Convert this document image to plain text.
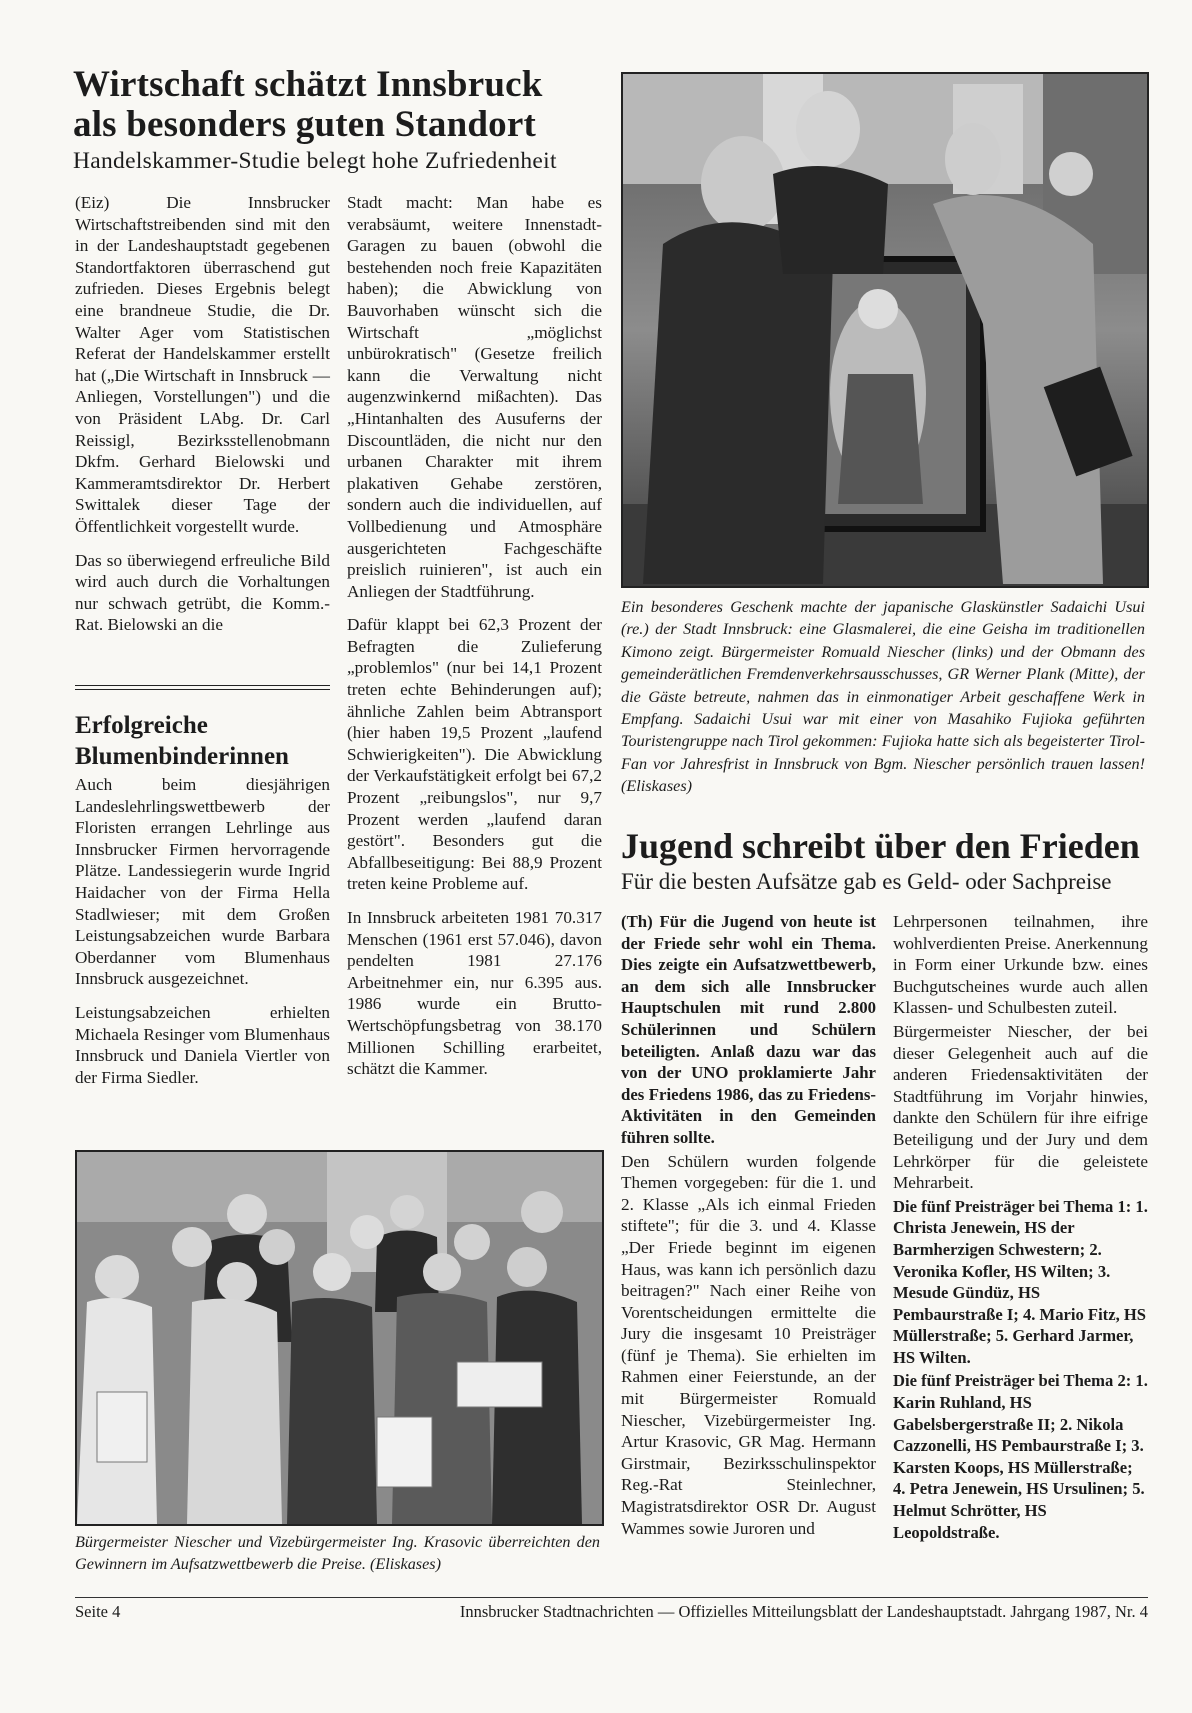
Wirtschaft schätzt Innsbruck
als besonders guten Standort

Handelskammer-Studie belegt hohe Zufriedenheit

(Eiz) Die Innsbrucker Wirtschaftstreibenden sind mit den in der Landeshauptstadt gegebenen Standortfaktoren überraschend gut zufrieden. Dieses Ergebnis belegt eine brandneue Studie, die Dr. Walter Ager vom Statistischen Referat der Handelskammer erstellt hat („Die Wirtschaft in Innsbruck — Anliegen, Vorstellungen") und die von Präsident LAbg. Dr. Carl Reissigl, Bezirksstellenobmann Dkfm. Gerhard Bielowski und Kammeramtsdirektor Dr. Herbert Swittalek dieser Tage der Öffentlichkeit vorgestellt wurde.

Das so überwiegend erfreuliche Bild wird auch durch die Vorhaltungen nur schwach getrübt, die Komm.-Rat. Bielowski an die

Erfolgreiche
Blumenbinderinnen

Auch beim diesjährigen Landeslehrlingswettbewerb der Floristen errangen Lehrlinge aus Innsbrucker Firmen hervorragende Plätze. Landessiegerin wurde Ingrid Haidacher von der Firma Hella Stadlwieser; mit dem Großen Leistungsabzeichen wurde Barbara Oberdanner vom Blumenhaus Innsbruck ausgezeichnet.

Leistungsabzeichen erhielten Michaela Resinger vom Blumenhaus Innsbruck und Daniela Viertler von der Firma Siedler.

Stadt macht: Man habe es verabsäumt, weitere Innenstadt-Garagen zu bauen (obwohl die bestehenden noch freie Kapazitäten haben); die Abwicklung von Bauvorhaben wünscht sich die Wirtschaft „möglichst unbürokratisch" (Gesetze freilich kann die Verwaltung nicht augenzwinkernd mißachten). Das „Hintanhalten des Ausuferns der Discountläden, die nicht nur den urbanen Charakter mit ihrem plakativen Gehabe zerstören, sondern auch die individuellen, auf Vollbedienung und Atmosphäre ausgerichteten Fachgeschäfte preislich ruinieren", ist auch ein Anliegen der Stadtführung.

Dafür klappt bei 62,3 Prozent der Befragten die Zulieferung „problemlos" (nur bei 14,1 Prozent treten echte Behinderungen auf); ähnliche Zahlen beim Abtransport (hier haben 19,5 Prozent „laufend Schwierigkeiten"). Die Abwicklung der Verkaufstätigkeit erfolgt bei 67,2 Prozent „reibungslos", nur 9,7 Prozent werden „laufend daran gestört". Besonders gut die Abfallbeseitigung: Bei 88,9 Prozent treten keine Probleme auf.

In Innsbruck arbeiteten 1981 70.317 Menschen (1961 erst 57.046), davon pendelten 1981 27.176 Arbeitnehmer ein, nur 6.395 aus. 1986 wurde ein Brutto-Wertschöpfungsbetrag von 38.170 Millionen Schilling erarbeitet, schätzt die Kammer.

Ein besonderes Geschenk machte der japanische Glaskünstler Sadaichi Usui (re.) der Stadt Innsbruck: eine Glasmalerei, die eine Geisha im traditionellen Kimono zeigt. Bürgermeister Romuald Niescher (links) und der Obmann des gemeinderätlichen Fremdenverkehrsausschusses, GR Werner Plank (Mitte), der die Gäste betreute, nahmen das in einmonatiger Arbeit geschaffene Werk in Empfang. Sadaichi Usui war mit einer von Masahiko Fujioka geführten Touristengruppe nach Tirol gekommen: Fujioka hatte sich als begeisterter Tirol-Fan vor Jahresfrist in Innsbruck von Bgm. Niescher persönlich trauen lassen! (Eliskases)

Jugend schreibt über den Frieden

Für die besten Aufsätze gab es Geld- oder Sachpreise

(Th) Für die Jugend von heute ist der Friede sehr wohl ein Thema. Dies zeigte ein Aufsatzwettbewerb, an dem sich alle Innsbrucker Hauptschulen mit rund 2.800 Schülerinnen und Schülern beteiligten. Anlaß dazu war das von der UNO proklamierte Jahr des Friedens 1986, das zu Friedens-Aktivitäten in den Gemeinden führen sollte.

Den Schülern wurden folgende Themen vorgegeben: für die 1. und 2. Klasse „Als ich einmal Frieden stiftete"; für die 3. und 4. Klasse „Der Friede beginnt im eigenen Haus, was kann ich persönlich dazu beitragen?" Nach einer Reihe von Vorentscheidungen ermittelte die Jury die insgesamt 10 Preisträger (fünf je Thema). Sie erhielten im Rahmen einer Feierstunde, an der mit Bürgermeister Romuald Niescher, Vizebürgermeister Ing. Artur Krasovic, GR Mag. Hermann Girstmair, Bezirksschulinspektor Reg.-Rat Steinlechner, Magistratsdirektor OSR Dr. August Wammes sowie Juroren und

Lehrpersonen teilnahmen, ihre wohlverdienten Preise. Anerkennung in Form einer Urkunde bzw. eines Buchgutscheines wurde auch allen Klassen- und Schulbesten zuteil.

Bürgermeister Niescher, der bei dieser Gelegenheit auch auf die anderen Friedensaktivitäten der Stadtführung im Vorjahr hinwies, dankte den Schülern für ihre eifrige Beteiligung und der Jury und dem Lehrkörper für die geleistete Mehrarbeit.

Die fünf Preisträger bei Thema 1: 1. Christa Jenewein, HS der Barmherzigen Schwestern; 2. Veronika Kofler, HS Wilten; 3. Mesude Gündüz, HS Pembaurstraße I; 4. Mario Fitz, HS Müllerstraße; 5. Gerhard Jarmer, HS Wilten.

Die fünf Preisträger bei Thema 2: 1. Karin Ruhland, HS Gabelsbergerstraße II; 2. Nikola Cazzonelli, HS Pembaurstraße I; 3. Karsten Koops, HS Müllerstraße; 4. Petra Jenewein, HS Ursulinen; 5. Helmut Schrötter, HS Leopoldstraße.

Bürgermeister Niescher und Vizebürgermeister Ing. Krasovic überreichten den Gewinnern im Aufsatzwettbewerb die Preise. (Eliskases)

Seite 4	Innsbrucker Stadtnachrichten — Offizielles Mitteilungsblatt der Landeshauptstadt. Jahrgang 1987, Nr. 4
